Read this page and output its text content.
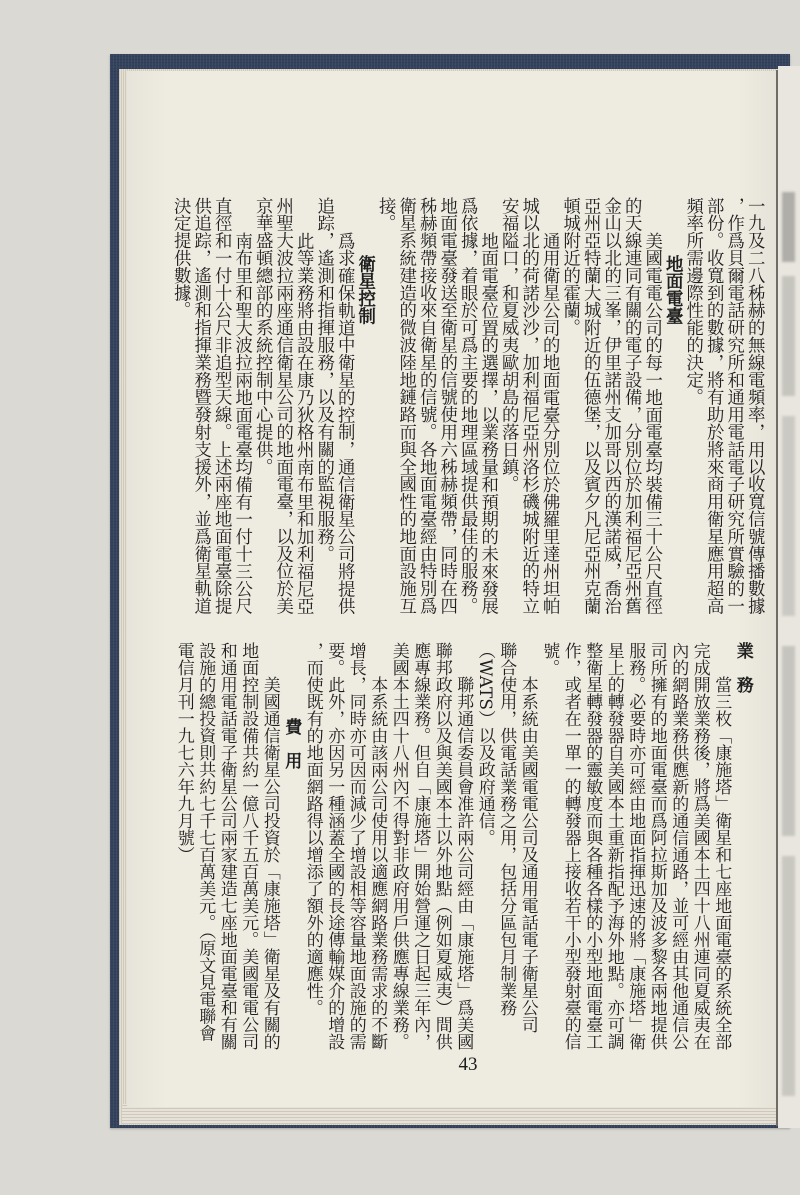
一九及二八秭赫的無線電頻率，用以收寬信號傳播數據
，作爲貝爾電話研究所和通用電話電子研究所實驗的一
部份。收寬到的數據，將有助於將來商用衛星應用超高
頻率所需邊際性能的決定。
地面電臺
美國電電公司的每一地面電臺均裝備三十公尺直徑
的天線連同有關的電子設備，分別位於加利福尼亞州舊
金山以北的三峯，伊里諾州支加哥以西的漢諾威，喬治
亞州亞特蘭大城附近的伍德堡，以及賓夕凡尼亞州克蘭
頓城附近的霍蘭。
通用衛星公司的地面電臺分別位於佛羅里達州坦帕
城以北的荷諾沙沙，加利福尼亞州洛杉磯城附近的特立
安福隘口，和夏威夷歐胡島的落日鎮。
地面電臺位置的選擇，以業務量和預期的未來發展
爲依據，着眼於可爲主要的地理區域提供最佳的服務。
地面電臺發送至衛星的信號使用六秭赫頻帶，同時在四
秭赫頻帶接收來自衛星的信號。各地面電臺經由特別爲
衛星系統建造的微波陸地鏈路而與全國性的地面設施互
接。
衛星控制
爲求確保軌道中衛星的控制，通信衛星公司將提供
追踪，遙測和指揮服務，以及有關的監視服務。
此等業務將由設在康乃狄格州南布里和加利福尼亞
州聖大波拉兩座通信衛星公司的地面電臺，以及位於美
京華盛頓總部的系統控制中心提供。
南布里和聖大波拉兩地面電臺均備有一付十三公尺
直徑和一付十公尺非追型天線。上述兩座地面電臺除提
供追踪，遙測和指揮業務暨發射支援外，並爲衛星軌道
決定提供數據。
業　務
當三枚「康施塔」衛星和七座地面電臺的系統全部
完成開放業務後，將爲美國本土四十八州連同夏威夷在
內的網路業務供應新的通信通路，並可經由其他通信公
司所擁有的地面電臺而爲阿拉斯加及波多黎各兩地提供
服務。必要時亦可經由地面指揮迅速的將「康施塔」衛
星上的轉發器自美國本土重新指配予海外地點。亦可調
整衛星轉發器的靈敏度而與各種各樣的小型地面電臺工
作，或者在一單一的轉發器上接收若干小型發射臺的信
號。
本系統由美國電電公司及通用電話電子衛星公司
聯合使用，供電話業務之用，包括分區包月制業務
（WATS）以及政府通信。
聯邦通信委員會准許兩公司經由「康施塔」爲美國
聯邦政府以及與美國本土以外地點（例如夏威夷）間供
應專線業務。但自「康施塔」開始營運之日起三年內，
美國本土四十八州內不得對非政府用戶供應專線業務。
本系統由該兩公司使用以適應網路業務需求的不斷
增長，同時亦可因而減少了增設相等容量地面設施的需
要。此外，亦因另一種涵蓋全國的長途傳輸媒介的增設
，而使既有的地面網路得以增添了額外的適應性。
費　用
美國通信衛星公司投資於「康施塔」衛星及有關的
地面控制設備共約一億八千五百萬美元。美國電電公司
和通用電話電子衛星公司兩家建造七座地面電臺和有關
設施的總投資則共約七千七百萬美元。（原文見電聯會
電信月刊一九七六年九月號）
43
